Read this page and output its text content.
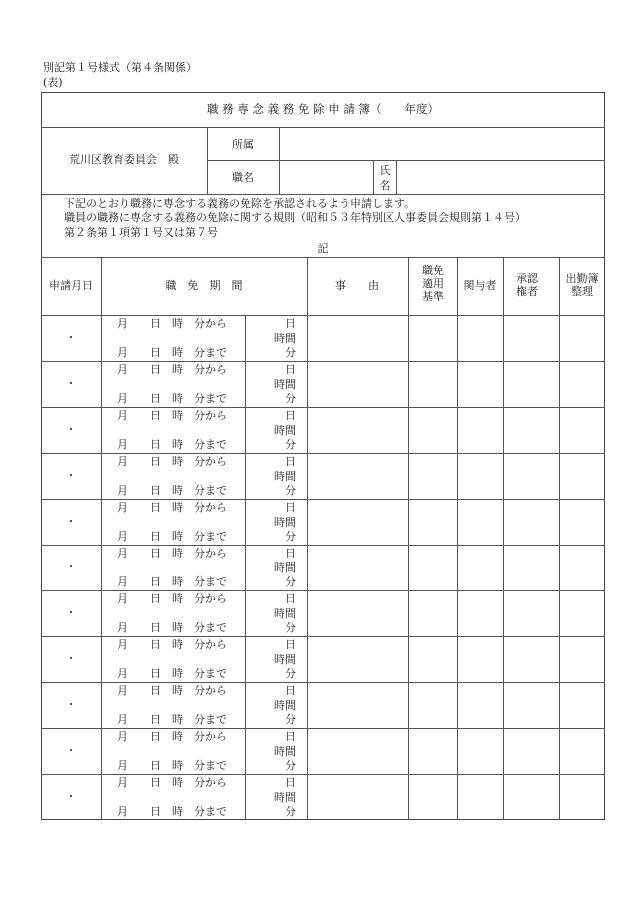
別記第１号様式（第４条関係）
(表)
職 務 専 念 義 務 免 除 申 請 簿（　　年度）
荒川区教育委員会　殿
所属
職名
氏
名
下記のとおり職務に専念する義務の免除を承認されるよう申請します。
職員の職務に専念する義務の免除に関する規則（昭和５３年特別区人事委員会規則第１４号）
第２条第１項第１号又は第７号
記
申請月日	職　免　期　間	事　　由
職免
適用
基準
関与者
承認
権者
出勤簿
整理
・
月　　日　時　分から
月　　日　時　分まで
日
時間
分
・
月　　日　時　分から
月　　日　時　分まで
日
時間
分
・
月　　日　時　分から
月　　日　時　分まで
日
時間
分
・
月　　日　時　分から
月　　日　時　分まで
日
時間
分
・
月　　日　時　分から
月　　日　時　分まで
日
時間
分
・
月　　日　時　分から
月　　日　時　分まで
日
時間
分
・
月　　日　時　分から
月　　日　時　分まで
日
時間
分
・
月　　日　時　分から
月　　日　時　分まで
日
時間
分
・
月　　日　時　分から
月　　日　時　分まで
日
時間
分
・
月　　日　時　分から
月　　日　時　分まで
日
時間
分
・
月　　日　時　分から
月　　日　時　分まで
日
時間
分
